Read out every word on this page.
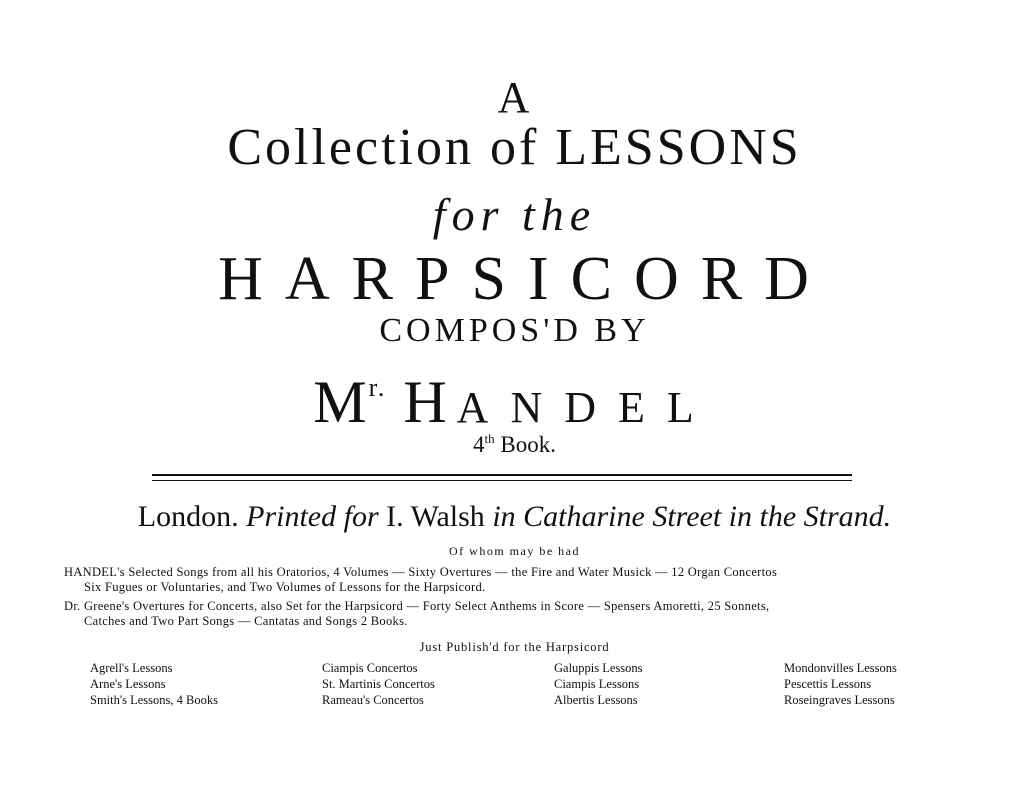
A
Collection of LESSONS
for the
HARPSICORD
COMPOS'D BY
$M^{r.}$ HANDEL
4th Book.
London. Printed for I. Walsh in Catharine Street in the Strand.
Of whom may be had
HANDEL's Selected Songs from all his Oratorios, 4 Volumes — Sixty Overtures — the Fire and Water Musick — 12 Organ Concertos
Six Fugues or Voluntaries, and Two Volumes of Lessons for the Harpsicord.
Dr. Greene's Overtures for Concerts, also Set for the Harpsicord — Forty Select Anthems in Score — Spensers Amoretti, 25 Sonnets,
Catches and Two Part Songs — Cantatas and Songs 2 Books.
Just Publish'd for the Harpsicord
Agrell's Lessons
Arne's Lessons
Smith's Lessons, 4 Books
Ciampis Concertos
St. Martinis Concertos
Rameau's Concertos
Galuppis Lessons
Ciampis Lessons
Albertis Lessons
Mondonvilles Lessons
Pescettis Lessons
Roseingraves Lessons
